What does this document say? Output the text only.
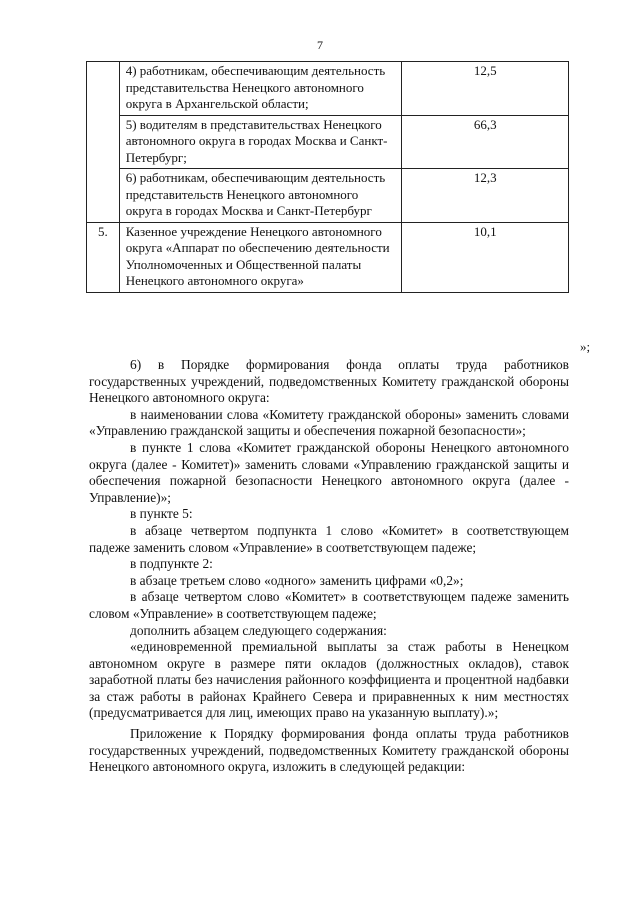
7
	4) работникам, обеспечивающим деятельность представительства Ненецкого автономного округа в Архангельской области;	12,5
	5) водителям в представительствах Ненецкого автономного округа в городах Москва и Санкт-Петербург;	66,3
	6) работникам, обеспечивающим деятельность представительств Ненецкого автономного округа в городах Москва и Санкт-Петербург	12,3
5.	Казенное учреждение Ненецкого автономного округа «Аппарат по обеспечению деятельности Уполномоченных и Общественной палаты Ненецкого автономного округа»	10,1
»;

6) в Порядке формирования фонда оплаты труда работников государственных учреждений, подведомственных Комитету гражданской обороны Ненецкого автономного округа:

в наименовании слова «Комитету гражданской обороны» заменить словами «Управлению гражданской защиты и обеспечения пожарной безопасности»;

в пункте 1 слова «Комитет гражданской обороны Ненецкого автономного округа (далее - Комитет)» заменить словами «Управлению гражданской защиты и обеспечения пожарной безопасности Ненецкого автономного округа (далее - Управление)»;

в пункте 5:

в абзаце четвертом подпункта 1 слово «Комитет» в соответствующем падеже заменить словом «Управление» в соответствующем падеже;

в подпункте 2:

в абзаце третьем слово «одного» заменить цифрами «0,2»;

в абзаце четвертом слово «Комитет» в соответствующем падеже заменить словом «Управление» в соответствующем падеже;

дополнить абзацем следующего содержания:

«единовременной премиальной выплаты за стаж работы в Ненецком автономном округе в размере пяти окладов (должностных окладов), ставок заработной платы без начисления районного коэффициента и процентной надбавки за стаж работы в районах Крайнего Севера и приравненных к ним местностях (предусматривается для лиц, имеющих право на указанную выплату).»;

Приложение к Порядку формирования фонда оплаты труда работников государственных учреждений, подведомственных Комитету гражданской обороны Ненецкого автономного округа, изложить в следующей редакции:
